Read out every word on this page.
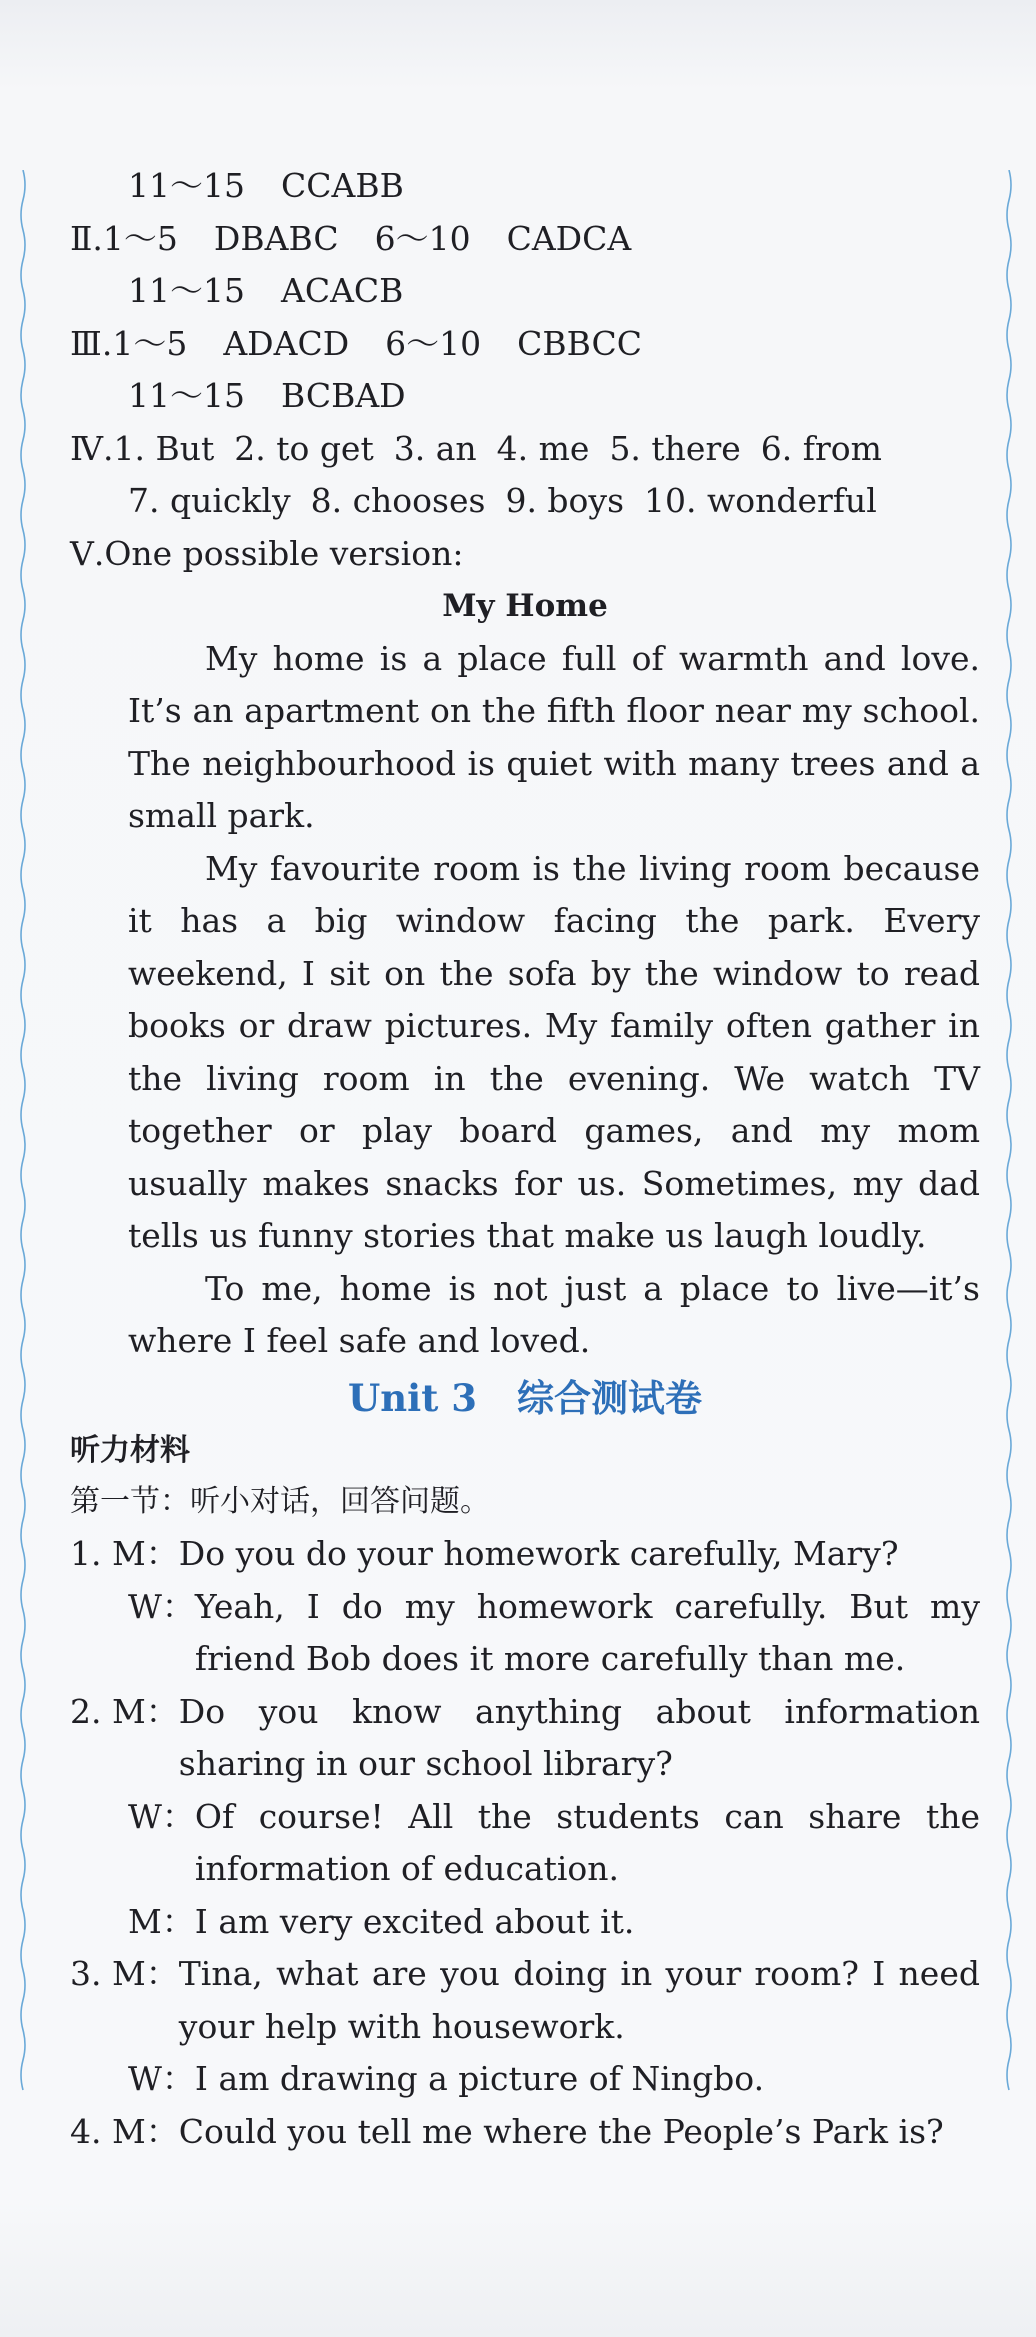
11～15 CCABB
Ⅱ.1～5 DBABC 6～10 CADCA
11～15 ACACB
Ⅲ.1～5 ADACD 6～10 CBBCC
11～15 BCBAD
Ⅳ.1. But 2. to get 3. an 4. me 5. there 6. from
7. quickly 8. chooses 9. boys 10. wonderful
Ⅴ.One possible version:
My Home

My home is a place full of warmth and love. It’s an apartment on the fifth floor near my school. The neighbourhood is quiet with many trees and a small park.

My favourite room is the living room because it has a big window facing the park. Every weekend, I sit on the sofa by the window to read books or draw pictures. My family often gather in the living room in the evening. We watch TV together or play board games, and my mom usually makes snacks for us. Sometimes, my dad tells us funny stories that make us laugh loudly.

To me, home is not just a place to live—it’s where I feel safe and loved.

Unit 3 综合测试卷
听力材料
第一节：听小对话，回答问题。
1. M： Do you do your homework carefully, Mary?
W： Yeah, I do my homework carefully. But my friend Bob does it more carefully than me.
2. M： Do you know anything about information sharing in our school library?
W： Of course! All the students can share the information of education.
M： I am very excited about it.
3. M： Tina, what are you doing in your room? I need your help with housework.
W： I am drawing a picture of Ningbo.
4. M： Could you tell me where the People’s Park is?
